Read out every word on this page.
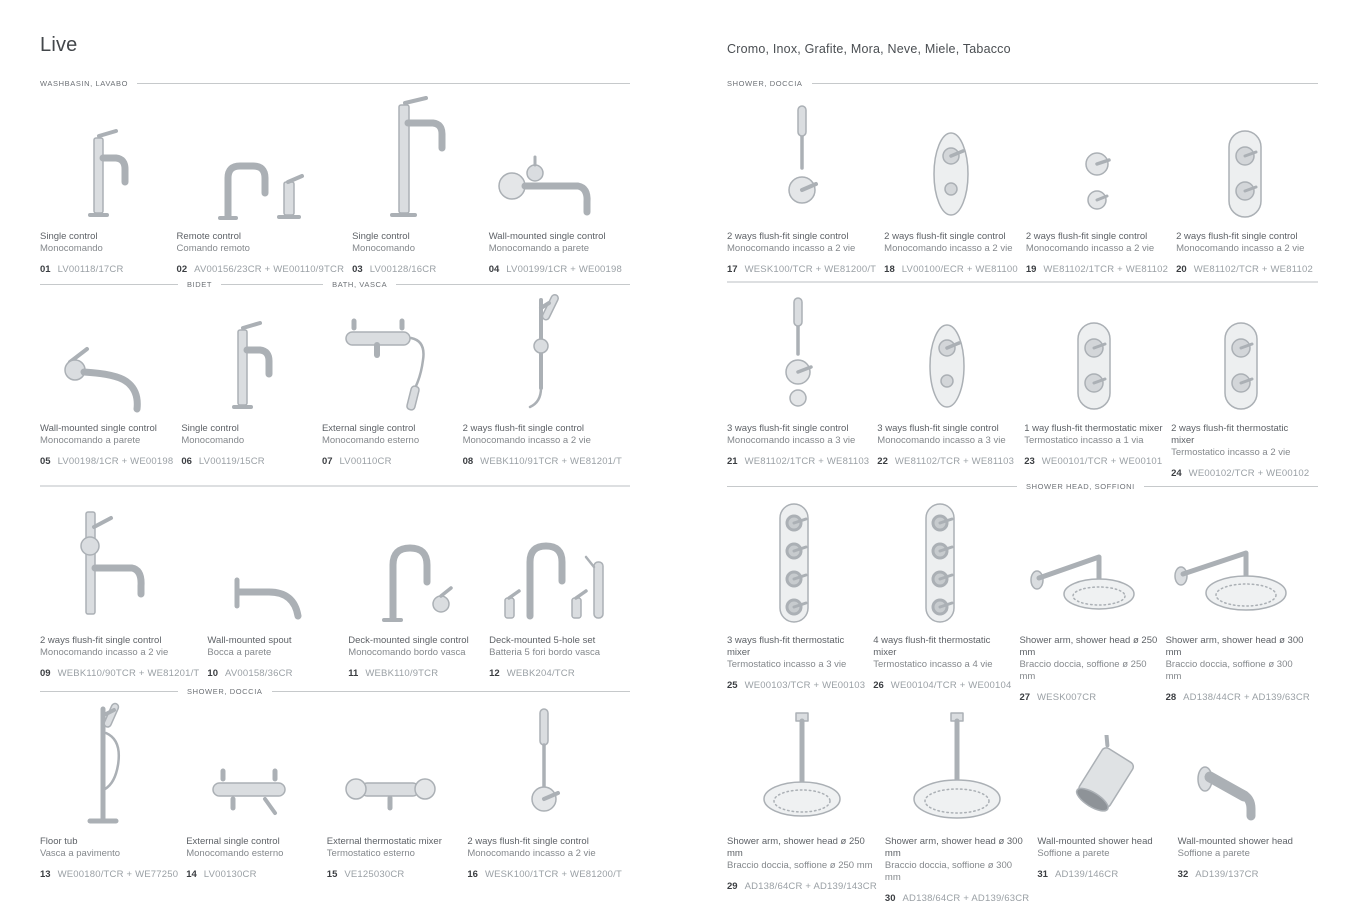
Live
WASHBASIN, LAVABO
Single control
Monocomando
01 LV00118/17CR
Remote control
Comando remoto
02 AV00156/23CR + WE00110/9TCR
Single control
Monocomando
03 LV00128/16CR
Wall-mounted single control
Monocomando a parete
04 LV00199/1CR + WE00198
BIDET	BATH, VASCA
Wall-mounted single control
Monocomando a parete
05 LV00198/1CR + WE00198
Single control
Monocomando
06 LV00119/15CR
External single control
Monocomando esterno
07 LV00110CR
2 ways flush-fit single control
Monocomando incasso a 2 vie
08 WEBK110/91TCR + WE81201/T
2 ways flush-fit single control
Monocomando incasso a 2 vie
09 WEBK110/90TCR + WE81201/T
Wall-mounted spout
Bocca a parete
10 AV00158/36CR
Deck-mounted single control
Monocomando bordo vasca
11 WEBK110/9TCR
Deck-mounted 5-hole set
Batteria 5 fori bordo vasca
12 WEBK204/TCR
SHOWER, DOCCIA
Floor tub
Vasca a pavimento
13 WE00180/TCR + WE77250
External single control
Monocomando esterno
14 LV00130CR
External thermostatic mixer
Termostatico esterno
15 VE125030CR
2 ways flush-fit single control
Monocomando incasso a 2 vie
16 WESK100/1TCR + WE81200/T
Cromo, Inox, Grafite, Mora, Neve, Miele, Tabacco
SHOWER, DOCCIA
2 ways flush-fit single control
Monocomando incasso a 2 vie
17 WESK100/TCR + WE81200/T
2 ways flush-fit single control
Monocomando incasso a 2 vie
18 LV00100/ECR + WE81100
2 ways flush-fit single control
Monocomando incasso a 2 vie
19 WE81102/1TCR + WE81102
2 ways flush-fit single control
Monocomando incasso a 2 vie
20 WE81102/TCR + WE81102
3 ways flush-fit single control
Monocomando incasso a 3 vie
21 WE81102/1TCR + WE81103
3 ways flush-fit single control
Monocomando incasso a 3 vie
22 WE81102/TCR + WE81103
1 way flush-fit thermostatic mixer
Termostatico incasso a 1 via
23 WE00101/TCR + WE00101
2 ways flush-fit thermostatic mixer
Termostatico incasso a 2 vie
24 WE00102/TCR + WE00102
SHOWER HEAD, SOFFIONI
3 ways flush-fit thermostatic mixer
Termostatico incasso a 3 vie
25 WE00103/TCR + WE00103
4 ways flush-fit thermostatic mixer
Termostatico incasso a 4 vie
26 WE00104/TCR + WE00104
Shower arm, shower head ø 250 mm
Braccio doccia, soffione ø 250 mm
27 WESK007CR
Shower arm, shower head ø 300 mm
Braccio doccia, soffione ø 300 mm
28 AD138/44CR + AD139/63CR
Shower arm, shower head ø 250 mm
Braccio doccia, soffione ø 250 mm
29 AD138/64CR + AD139/143CR
Shower arm, shower head ø 300 mm
Braccio doccia, soffione ø 300 mm
30 AD138/64CR + AD139/63CR
Wall-mounted shower head
Soffione a parete
31 AD139/146CR
Wall-mounted shower head
Soffione a parete
32 AD139/137CR
